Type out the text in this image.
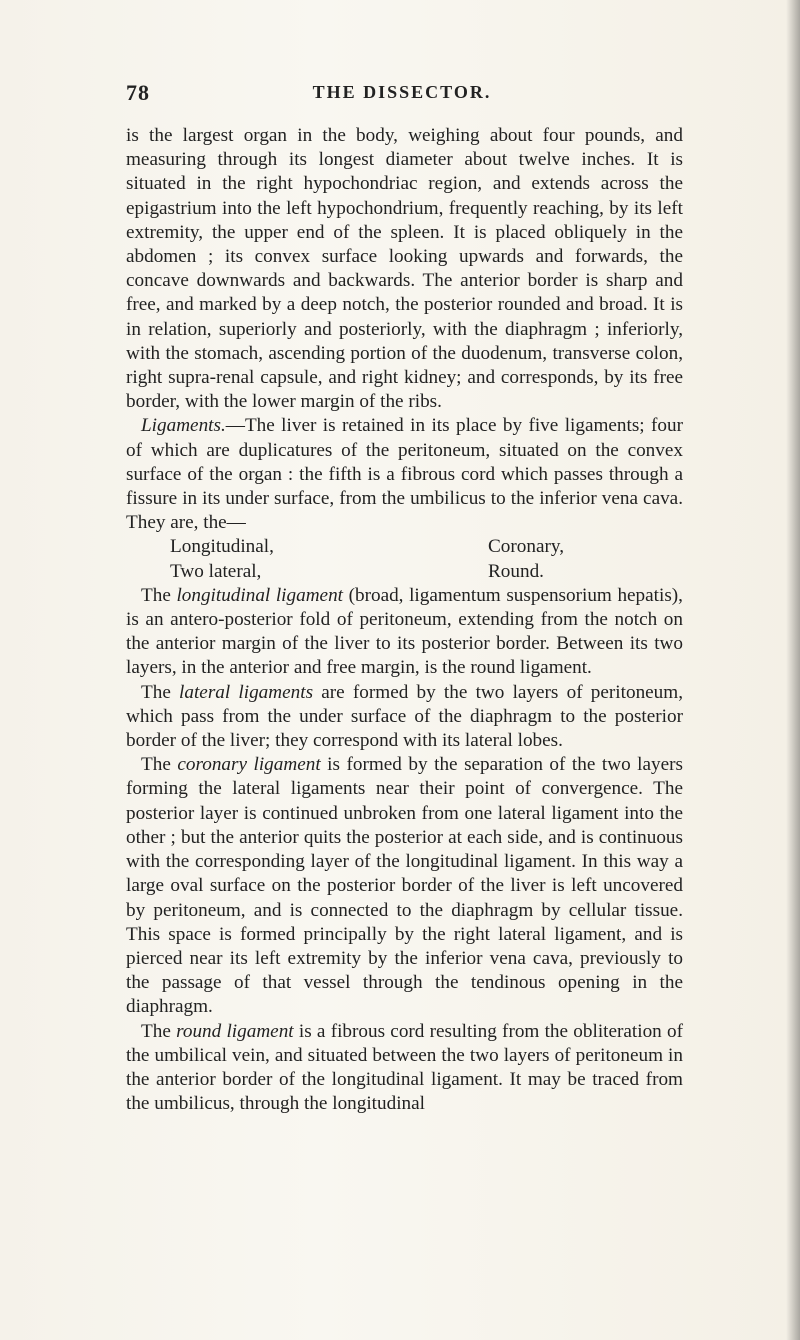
78	THE DISSECTOR.

is the largest organ in the body, weighing about four pounds, and measuring through its longest diameter about twelve inches. It is situated in the right hypochondriac region, and extends across the epigastrium into the left hypochondrium, frequently reaching, by its left extremity, the upper end of the spleen. It is placed obliquely in the abdomen ; its convex surface looking upwards and forwards, the concave downwards and backwards. The anterior border is sharp and free, and marked by a deep notch, the posterior rounded and broad. It is in relation, superiorly and posteriorly, with the diaphragm ; inferiorly, with the stomach, ascending portion of the duodenum, transverse colon, right supra-renal capsule, and right kidney; and corresponds, by its free border, with the lower margin of the ribs.

Ligaments.—The liver is retained in its place by five ligaments; four of which are duplicatures of the peritoneum, situated on the convex surface of the organ : the fifth is a fibrous cord which passes through a fissure in its under surface, from the umbilicus to the inferior vena cava. They are, the—

Longitudinal,	Coronary,
Two lateral,	Round.

The longitudinal ligament (broad, ligamentum suspensorium hepatis), is an antero-posterior fold of peritoneum, extending from the notch on the anterior margin of the liver to its posterior border. Between its two layers, in the anterior and free margin, is the round ligament.

The lateral ligaments are formed by the two layers of peritoneum, which pass from the under surface of the diaphragm to the posterior border of the liver; they correspond with its lateral lobes.

The coronary ligament is formed by the separation of the two layers forming the lateral ligaments near their point of convergence. The posterior layer is continued unbroken from one lateral ligament into the other ; but the anterior quits the posterior at each side, and is continuous with the corresponding layer of the longitudinal ligament. In this way a large oval surface on the posterior border of the liver is left uncovered by peritoneum, and is connected to the diaphragm by cellular tissue. This space is formed principally by the right lateral ligament, and is pierced near its left extremity by the inferior vena cava, previously to the passage of that vessel through the tendinous opening in the diaphragm.

The round ligament is a fibrous cord resulting from the obliteration of the umbilical vein, and situated between the two layers of peritoneum in the anterior border of the longitudinal ligament. It may be traced from the umbilicus, through the longitudinal
